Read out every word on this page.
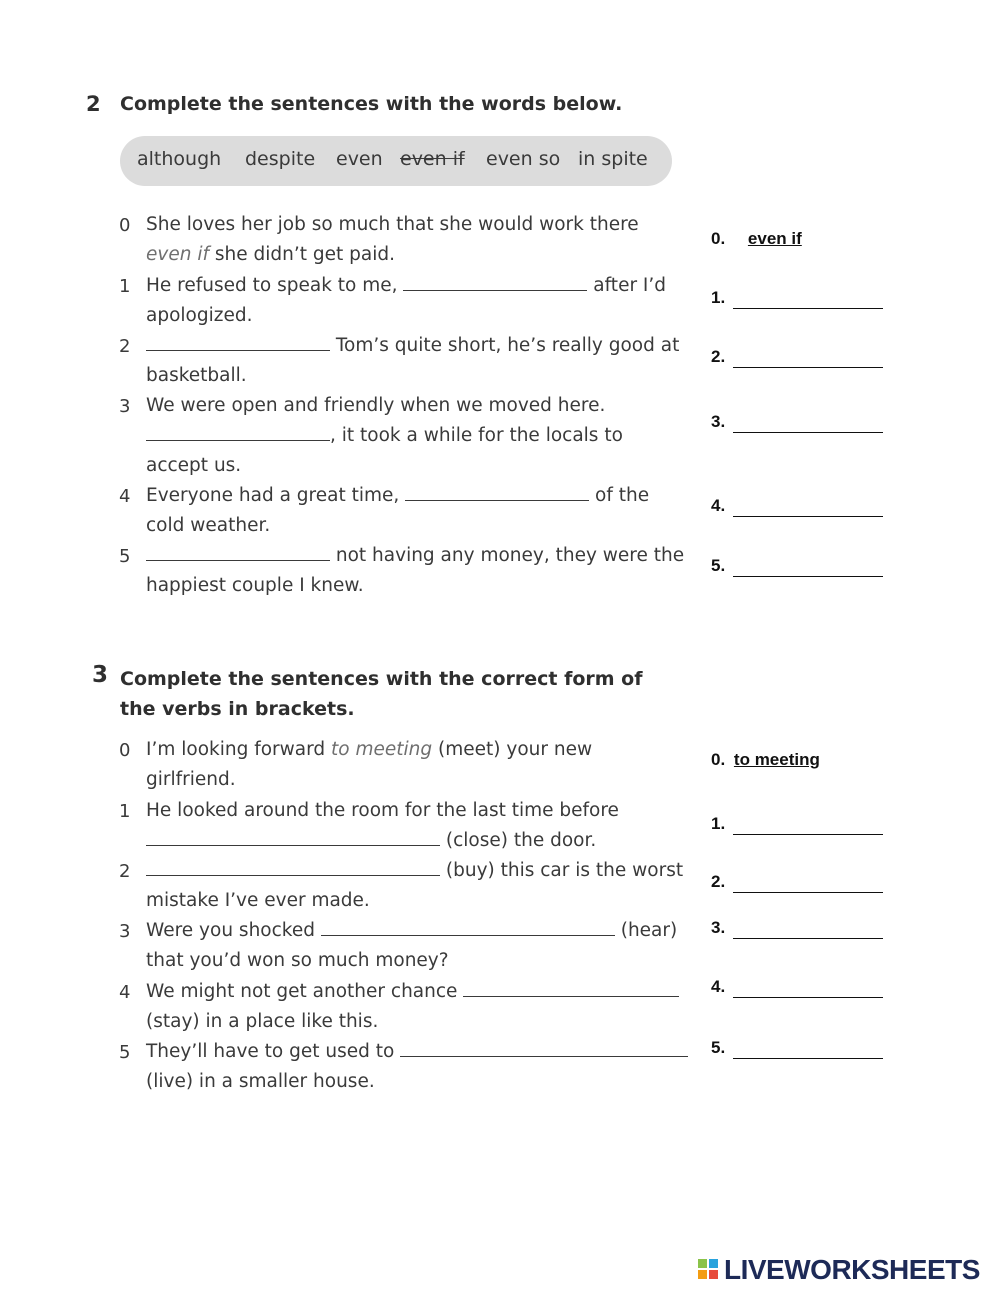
2 Complete the sentences with the words below.
although despite even even if even so in spite
0 She loves her job so much that she would work there
even if she didn’t get paid.
1 He refused to speak to me,	after I’d
apologized.
2	Tom’s quite short, he’s really good at
basketball.
3 We were open and friendly when we moved here.
, it took a while for the locals to
accept us.
4 Everyone had a great time,	of the
cold weather.
5	not having any money, they were the
happiest couple I knew.
0. even if
1.
2.
3.
4.
5.
3 Complete the sentences with the correct form of the verbs in brackets.
0 I’m looking forward to meeting (meet) your new
girlfriend.
1 He looked around the room for the last time before
(close) the door.
2	(buy) this car is the worst
mistake I’ve ever made.
3 Were you shocked	(hear)
that you’d won so much money?
4 We might not get another chance
(stay) in a place like this.
5 They’ll have to get used to
(live) in a smaller house.
0. to meeting
1.
2.
3.
4.
5.
LIVEWORKSHEETS
